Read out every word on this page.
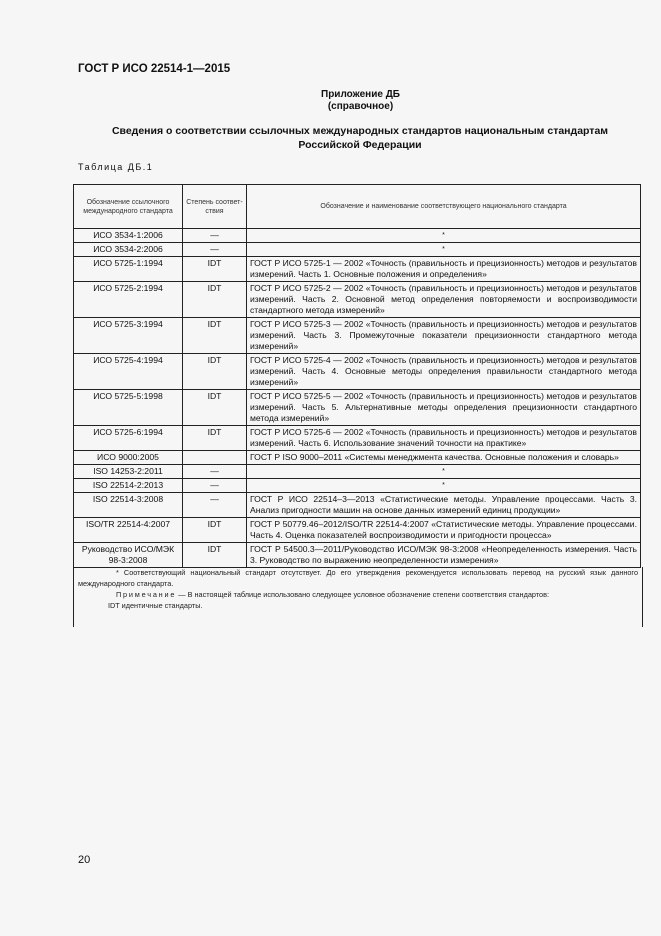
ГОСТ Р ИСО 22514-1—2015
Приложение ДБ
(справочное)
Сведения о соответствии ссылочных международных стандартов национальным стандартам Российской Федерации
Таблица ДБ.1
Обозначение ссылочного международного стандарта	Степень соответ-ствия	Обозначение и наименование соответствующего национального стандарта
ИСО 3534-1:2006	—	*
ИСО 3534-2:2006	—	*
ИСО 5725-1:1994	IDT	ГОСТ Р ИСО 5725-1 — 2002 «Точность (правильность и прецизионность) методов и результатов измерений. Часть 1. Основные положения и определения»
ИСО 5725-2:1994	IDT	ГОСТ Р ИСО 5725-2 — 2002 «Точность (правильность и прецизионность) методов и результатов измерений. Часть 2. Основной метод определения повторяемости и воспроизводимости стандартного метода измерений»
ИСО 5725-3:1994	IDT	ГОСТ Р ИСО 5725-3 — 2002 «Точность (правильность и прецизионность) методов и результатов измерений. Часть 3. Промежуточные показатели прецизионности стандартного метода измерений»
ИСО 5725-4:1994	IDT	ГОСТ Р ИСО 5725-4 — 2002 «Точность (правильность и прецизионность) методов и результатов измерений. Часть 4. Основные методы определения правильности стандартного метода измерений»
ИСО 5725-5:1998	IDT	ГОСТ Р ИСО 5725-5 — 2002 «Точность (правильность и прецизионность) методов и результатов измерений. Часть 5. Альтернативные методы определения прецизионности стандартного метода измерений»
ИСО 5725-6:1994	IDT	ГОСТ Р ИСО 5725-6 — 2002 «Точность (правильность и прецизионность) методов и результатов измерений. Часть 6. Использование значений точности на практике»
ИСО 9000:2005		ГОСТ Р ISO 9000–2011 «Системы менеджмента качества. Основные положения и словарь»
ISO 14253-2:2011	—	*
ISO 22514-2:2013	—	*
ISO 22514-3:2008	—	ГОСТ Р ИСО 22514–3—2013 «Статистические методы. Управление процессами. Часть 3. Анализ пригодности машин на основе данных измерений единиц продукции»
ISO/TR 22514-4:2007	IDT	ГОСТ Р 50779.46–2012/ISO/TR 22514-4:2007 «Статистические методы. Управление процессами. Часть 4. Оценка показателей воспроизводимости и пригодности процесса»
Руководство ИСО/МЭК 98-3:2008	IDT	ГОСТ Р 54500.3—2011/Руководство ИСО/МЭК 98-3:2008 «Неопределенность измерения. Часть 3. Руководство по выражению неопределенности измерения»

* Соответствующий национальный стандарт отсутствует. До его утверждения рекомендуется использовать перевод на русский язык данного международного стандарта.

Примечание — В настоящей таблице использовано следующее условное обозначение степени соответствия стандартов:

IDT идентичные стандарты.

20
